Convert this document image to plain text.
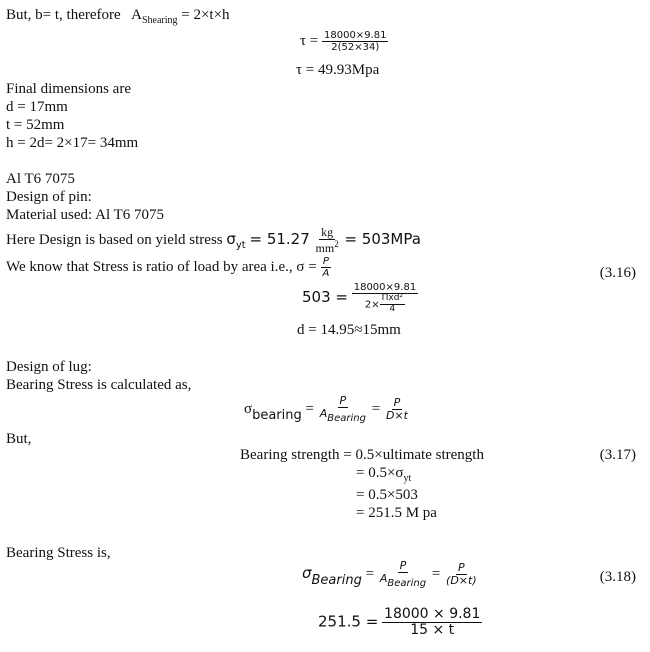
But, b= t, therefore $A_{Shearing} = 2\times t\times h$
$\tau = \frac{18000\times 9.81}{2(52\times 34)}$
τ = 49.93Mpa
Final dimensions are
d = 17mm
t = 52mm
h = 2d= 2×17= 34mm
Al T6 7075
Design of pin:
Material used: Al T6 7075
Here Design is based on yield stress $\sigma_{yt} = 51.27 \frac{kg}{mm^2} = 503MPa$
We know that Stress is ratio of load by area i.e., $\sigma = \frac{P}{A}$	(3.16)
$503 = \frac{18000\times 9.81}{2\times \frac{\text{Πxd²}}{4}}$
d = 14.95≈15mm
Design of lug:
Bearing Stress is calculated as,
σbearing = $\frac{P}{\text{ABearing}} = \frac{P}{D\times t}$
But,
Bearing strength = 0.5×ultimate strength	(3.17)
= $0.5\times\sigma_{yt}$
= 0.5×503
= 251.5 M pa
Bearing Stress is,
σBearing = $\frac{P}{\text{ABearing}} = \frac{P}{(D\times t)}$	(3.18)
$251.5 = \frac{18000 \times 9.81}{15 \times t}$
